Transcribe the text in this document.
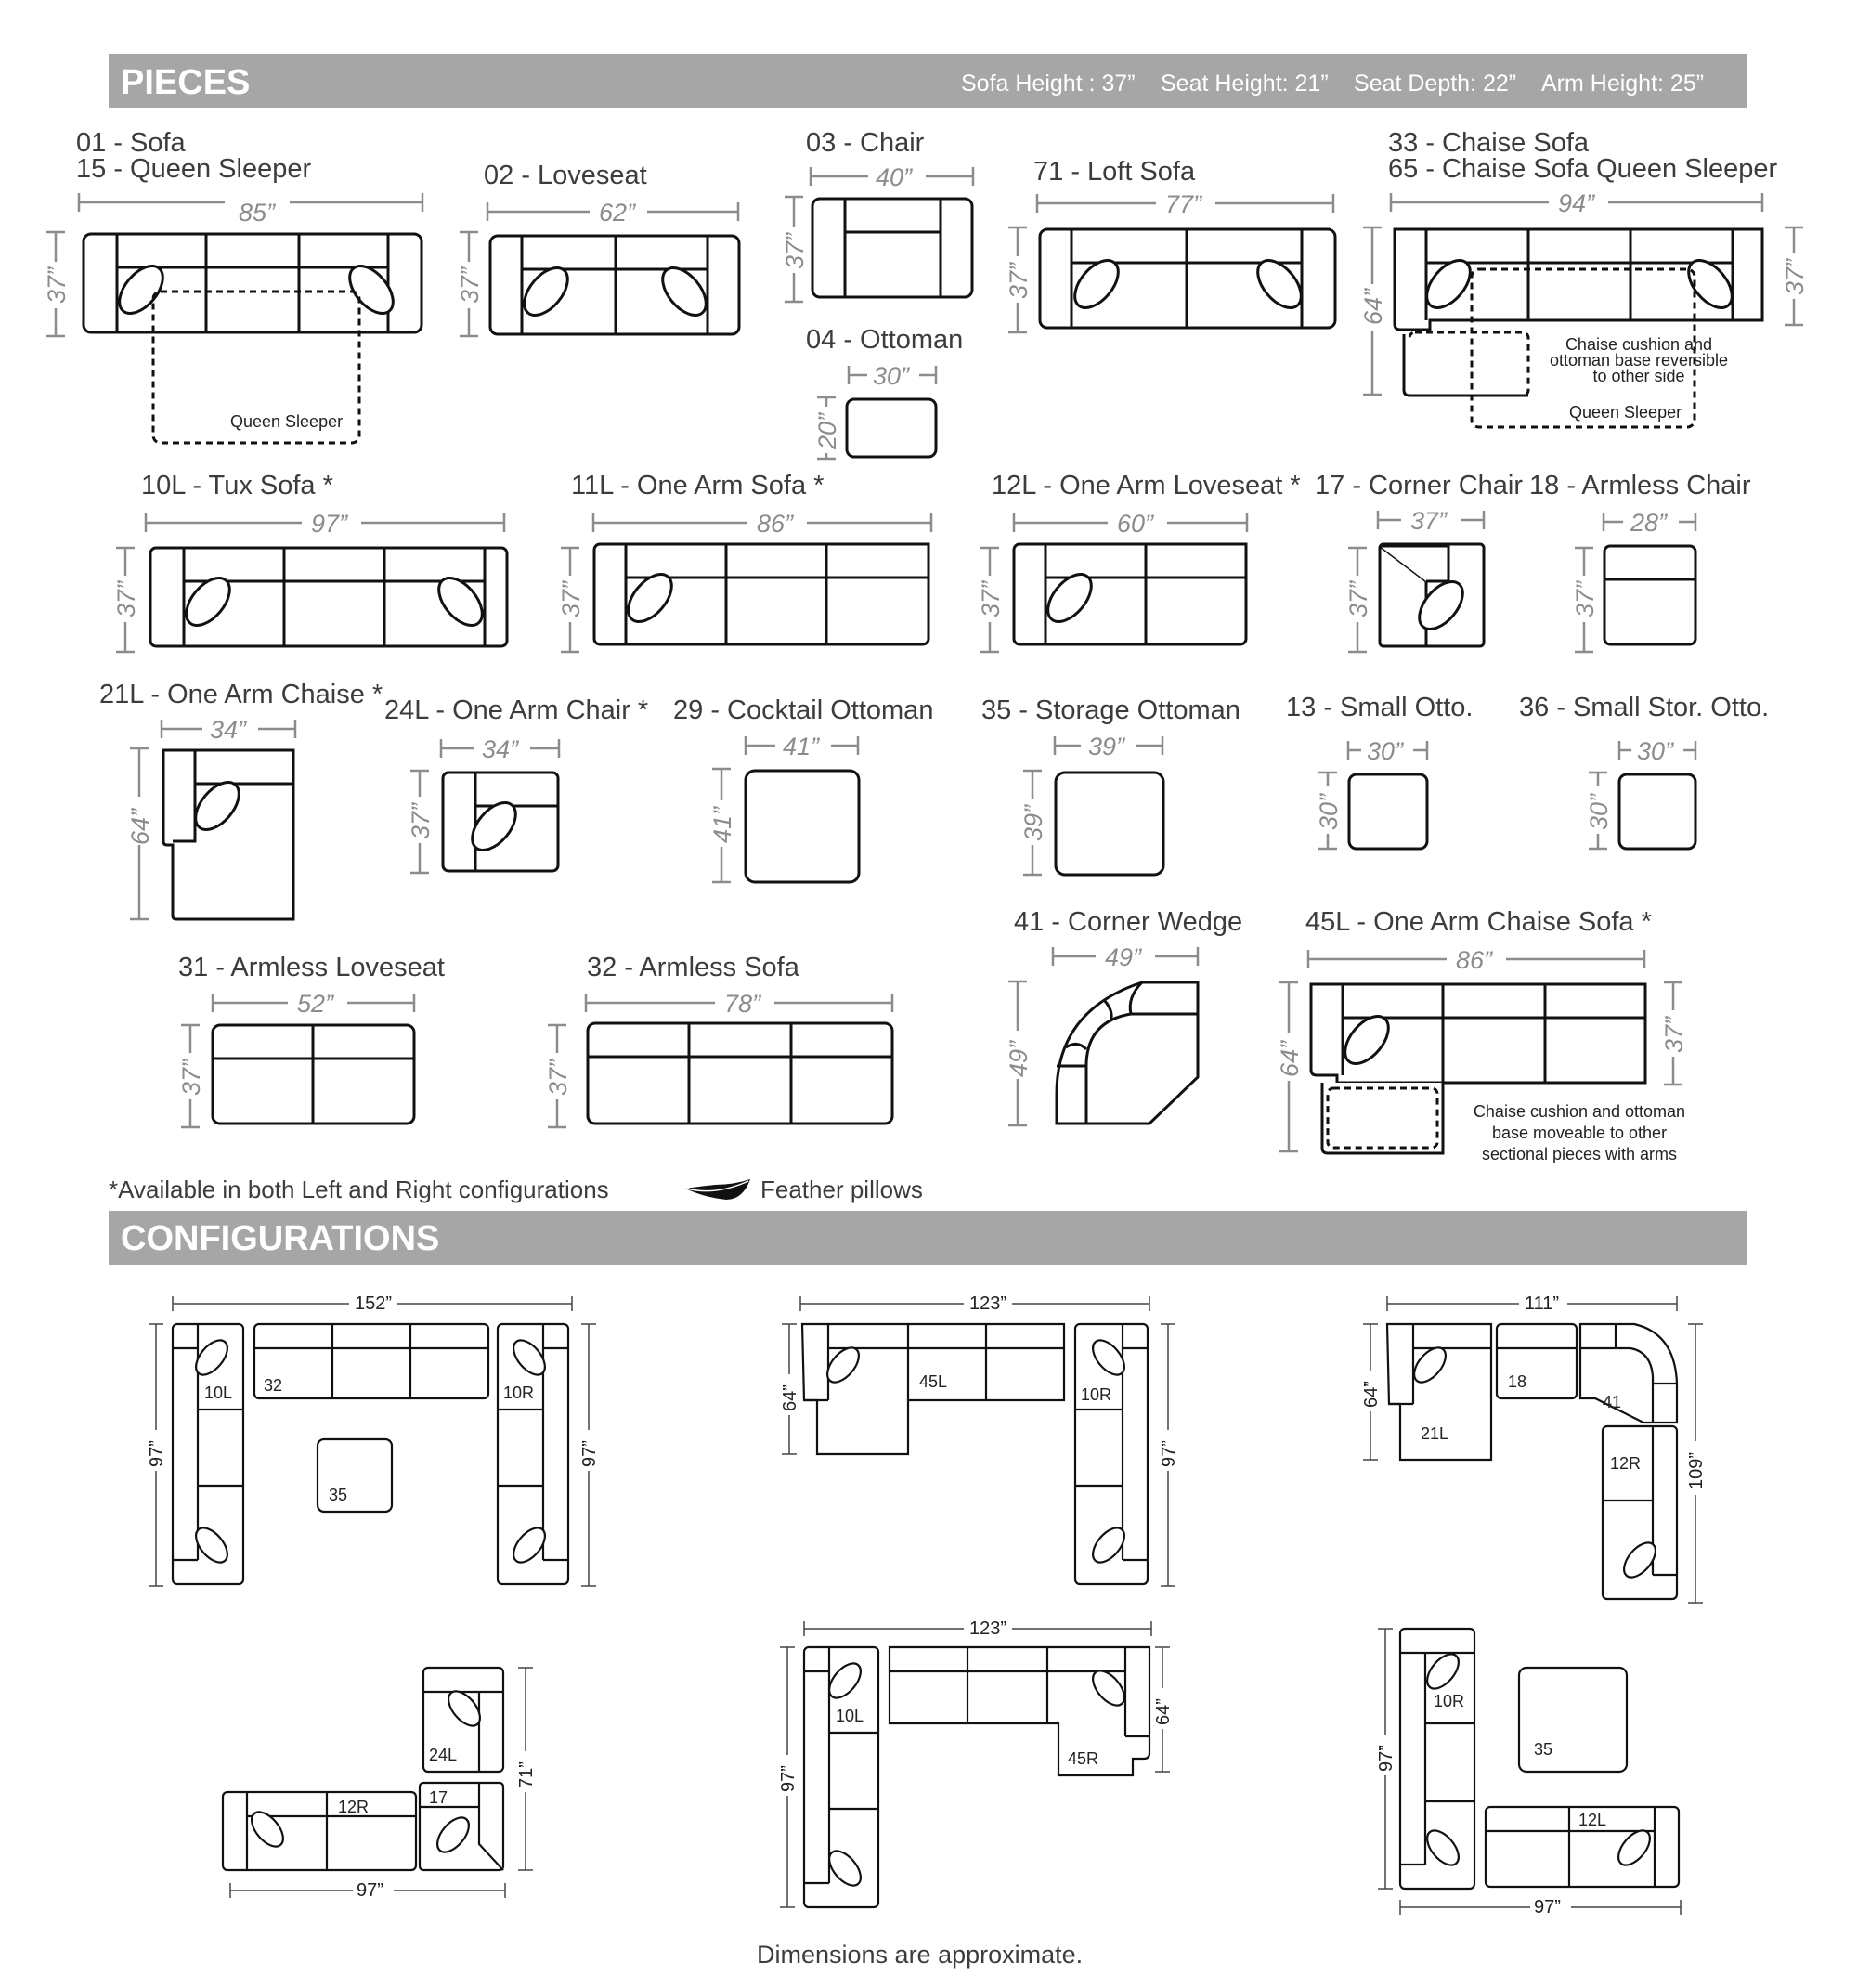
PIECES	Sofa Height : 37” Seat Height: 21” Seat Depth: 22” Arm Height: 25”
01 - Sofa
15 - Queen Sleeper
85”
37”
Queen Sleeper
02 - Loveseat
62”
37”
03 - Chair
40”
37”
04 - Ottoman
30”
20”
71 - Loft Sofa
77”
37”
33 - Chaise Sofa
65 - Chaise Sofa Queen Sleeper
94”
64”
37”
Chaise cushion and
ottoman base reversible
to other side
Queen Sleeper
10L - Tux Sofa *
97”
37”
11L - One Arm Sofa *
86”
37”
12L - One Arm Loveseat *
60”
37”
17 - Corner Chair
37”
37”
18 - Armless Chair
28”
37”
21L - One Arm Chaise *
34”
64”
24L - One Arm Chair *
34”
37”
29 - Cocktail Ottoman
41”
41”
35 - Storage Ottoman
39”
39”
13 - Small Otto.
30”
30”
36 - Small Stor. Otto.
30”
30”
31 - Armless Loveseat
52”
37”
32 - Armless Sofa
78”
37”
41 - Corner Wedge
49”
49”
45L - One Arm Chaise Sofa *
86”
64”
37”
Chaise cushion and ottoman
base moveable to other
sectional pieces with arms
*Available in both Left and Right configurations	Feather pillows
CONFIGURATIONS
152”
97”	97”
10L 32	10R
35
123”
64”
97”
45L
10R
111”
64”
109”
21L
18
41
12R
97”
71”
24L
12R	17
123”
97”
64”
10L
45R
97”
97”
10R
35
12L
Dimensions are approximate.
